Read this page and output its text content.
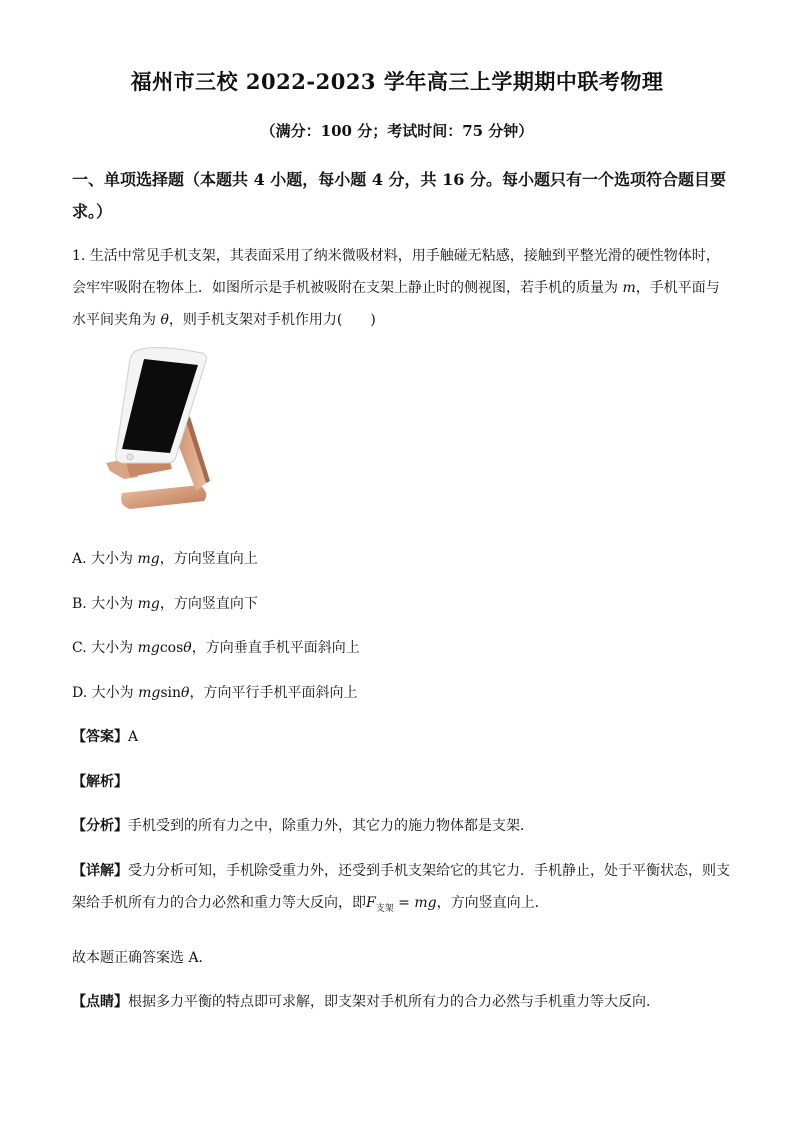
福州市三校 2022-2023 学年高三上学期期中联考物理
（满分：100 分；考试时间：75 分钟）
一、单项选择题（本题共 4 小题，每小题 4 分，共 16 分。每小题只有一个选项符合题目要求。）
1. 生活中常见手机支架，其表面采用了纳米微吸材料，用手触碰无粘感，接触到平整光滑的硬性物体时，会牢牢吸附在物体上．如图所示是手机被吸附在支架上静止时的侧视图，若手机的质量为 m，手机平面与水平间夹角为 θ，则手机支架对手机作用力(　　)
A. 大小为 mg，方向竖直向上
B. 大小为 mg，方向竖直向下
C. 大小为 mgcosθ，方向垂直手机平面斜向上
D. 大小为 mgsinθ，方向平行手机平面斜向上
【答案】A
【解析】
【分析】手机受到的所有力之中，除重力外，其它力的施力物体都是支架．
【详解】受力分析可知，手机除受重力外，还受到手机支架给它的其它力．手机静止，处于平衡状态，则支架给手机所有力的合力必然和重力等大反向，即$F_{支架}$ = mg，方向竖直向上．
故本题正确答案选 A．
【点睛】根据多力平衡的特点即可求解，即支架对手机所有力的合力必然与手机重力等大反向．
